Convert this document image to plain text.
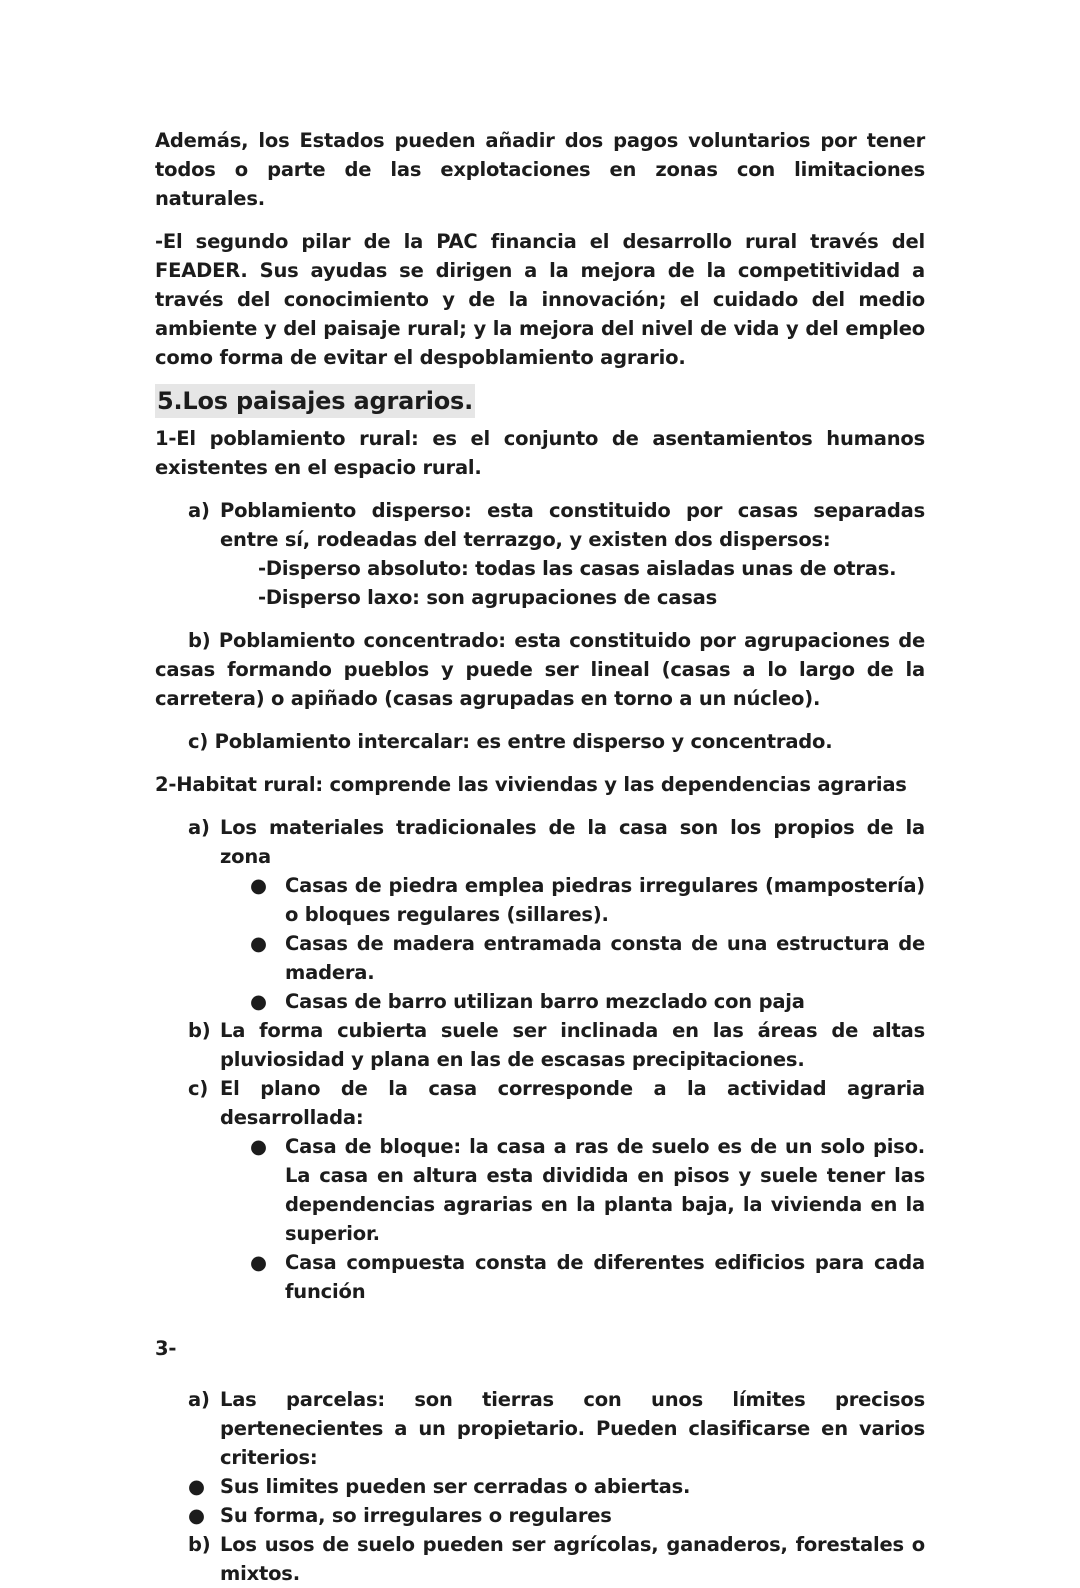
Además, los Estados pueden añadir dos pagos voluntarios por tener todos o parte de las explotaciones en zonas con limitaciones naturales.

-El segundo pilar de la PAC financia el desarrollo rural través del FEADER. Sus ayudas se dirigen a la mejora de la competitividad a través del conocimiento y de la innovación; el cuidado del medio ambiente y del paisaje rural; y la mejora del nivel de vida y del empleo como forma de evitar el despoblamiento agrario.

5.Los paisajes agrarios.

1-El poblamiento rural: es el conjunto de asentamientos humanos existentes en el espacio rural.

a) Poblamiento disperso: esta constituido por casas separadas entre sí, rodeadas del terrazgo, y existen dos dispersos:

-Disperso absoluto: todas las casas aisladas unas de otras.

-Disperso laxo: son agrupaciones de casas

b) Poblamiento concentrado: esta constituido por agrupaciones de casas formando pueblos y puede ser lineal (casas a lo largo de la carretera) o apiñado (casas agrupadas en torno a un núcleo).

c) Poblamiento intercalar: es entre disperso y concentrado.

2-Habitat rural: comprende las viviendas y las dependencias agrarias

a) Los materiales tradicionales de la casa son los propios de la zona
● Casas de piedra emplea piedras irregulares (mampostería) o bloques regulares (sillares).
● Casas de madera entramada consta de una estructura de madera.
● Casas de barro utilizan barro mezclado con paja
b) La forma cubierta suele ser inclinada en las áreas de altas pluviosidad y plana en las de escasas precipitaciones.
c) El plano de la casa corresponde a la actividad agraria desarrollada:
● Casa de bloque: la casa a ras de suelo es de un solo piso. La casa en altura esta dividida en pisos y suele tener las dependencias agrarias en la planta baja, la vivienda en la superior.
● Casa compuesta consta de diferentes edificios para cada función

3-

a) Las parcelas: son tierras con unos límites precisos pertenecientes a un propietario. Pueden clasificarse en varios criterios:
● Sus limites pueden ser cerradas o abiertas.
● Su forma, so irregulares o regulares
b) Los usos de suelo pueden ser agrícolas, ganaderos, forestales o mixtos.
